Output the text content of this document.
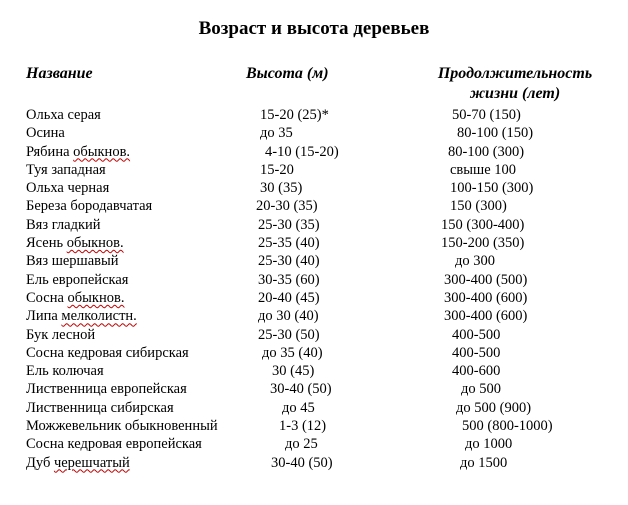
Возраст и высота деревьев
Название	Высота (м)	Продолжительность
жизни (лет)
Ольха серая	15-20 (25)*	50-70 (150)
Осина	до 35	80-100 (150)
Рябина обыкнов.	4-10 (15-20)	80-100 (300)
Туя западная	15-20	свыше 100
Ольха черная	30 (35)	100-150 (300)
Береза бородавчатая	20-30 (35)	150 (300)
Вяз гладкий	25-30 (35)	150 (300-400)
Ясень обыкнов.	25-35 (40)	150-200 (350)
Вяз шершавый	25-30 (40)	до 300
Ель европейская	30-35 (60)	300-400 (500)
Сосна обыкнов.	20-40 (45)	300-400 (600)
Липа мелколистн.	до 30 (40)	300-400 (600)
Бук лесной	25-30 (50)	400-500
Сосна кедровая сибирская	до 35 (40)	400-500
Ель колючая	30 (45)	400-600
Лиственница европейская	30-40 (50)	до 500
Лиственница сибирская	до 45	до 500 (900)
Можжевельник обыкновенный	1-3 (12)	500 (800-1000)
Сосна кедровая европейская	до 25	до 1000
Дуб черешчатый	30-40 (50)	до 1500
